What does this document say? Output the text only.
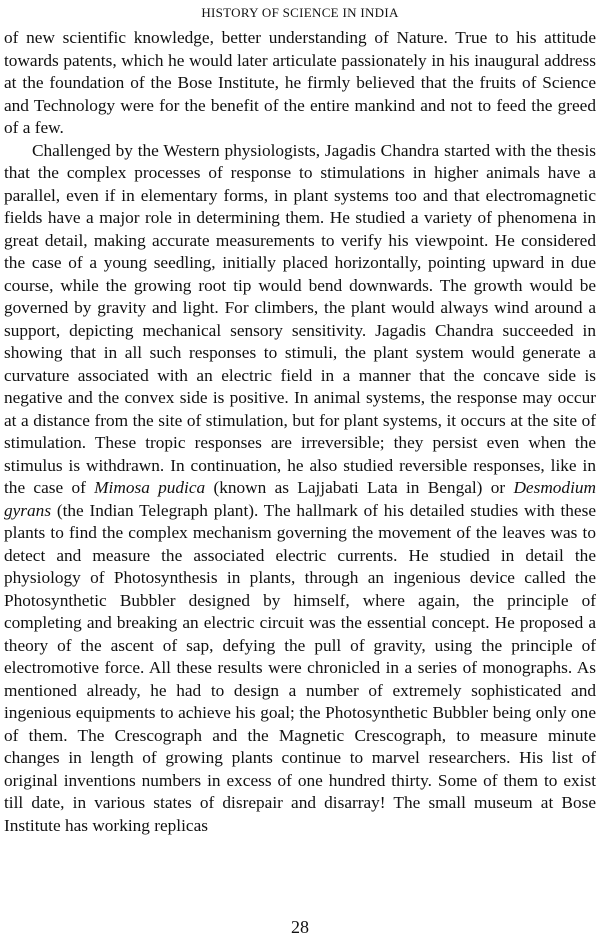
HISTORY OF SCIENCE IN INDIA

of new scientific knowledge, better understanding of Nature. True to his attitude towards patents, which he would later articulate passionately in his inaugural address at the foundation of the Bose Institute, he firmly believed that the fruits of Science and Technology were for the benefit of the entire mankind and not to feed the greed of a few.

Challenged by the Western physiologists, Jagadis Chandra started with the thesis that the complex processes of response to stimulations in higher animals have a parallel, even if in elementary forms, in plant systems too and that electromagnetic fields have a major role in determining them. He studied a variety of phenomena in great detail, making accurate measurements to verify his viewpoint. He considered the case of a young seedling, initially placed horizontally, pointing upward in due course, while the growing root tip would bend downwards. The growth would be governed by gravity and light. For climbers, the plant would always wind around a support, depicting mechanical sensory sensitivity. Jagadis Chandra succeeded in showing that in all such responses to stimuli, the plant system would generate a curvature associated with an electric field in a manner that the concave side is negative and the convex side is positive. In animal systems, the response may occur at a distance from the site of stimulation, but for plant systems, it occurs at the site of stimulation. These tropic responses are irreversible; they persist even when the stimulus is withdrawn. In continuation, he also studied reversible responses, like in the case of Mimosa pudica (known as Lajjabati Lata in Bengal) or Desmodium gyrans (the Indian Telegraph plant). The hallmark of his detailed studies with these plants to find the complex mechanism governing the movement of the leaves was to detect and measure the associated electric currents. He studied in detail the physiology of Photosynthesis in plants, through an ingenious device called the Photosynthetic Bubbler designed by himself, where again, the principle of completing and breaking an electric circuit was the essential concept. He proposed a theory of the ascent of sap, defying the pull of gravity, using the principle of electromotive force. All these results were chronicled in a series of monographs. As mentioned already, he had to design a number of extremely sophisticated and ingenious equipments to achieve his goal; the Photosynthetic Bubbler being only one of them. The Crescograph and the Magnetic Crescograph, to measure minute changes in length of growing plants continue to marvel researchers. His list of original inventions numbers in excess of one hundred thirty. Some of them to exist till date, in various states of disrepair and disarray! The small museum at Bose Institute has working replicas

28
